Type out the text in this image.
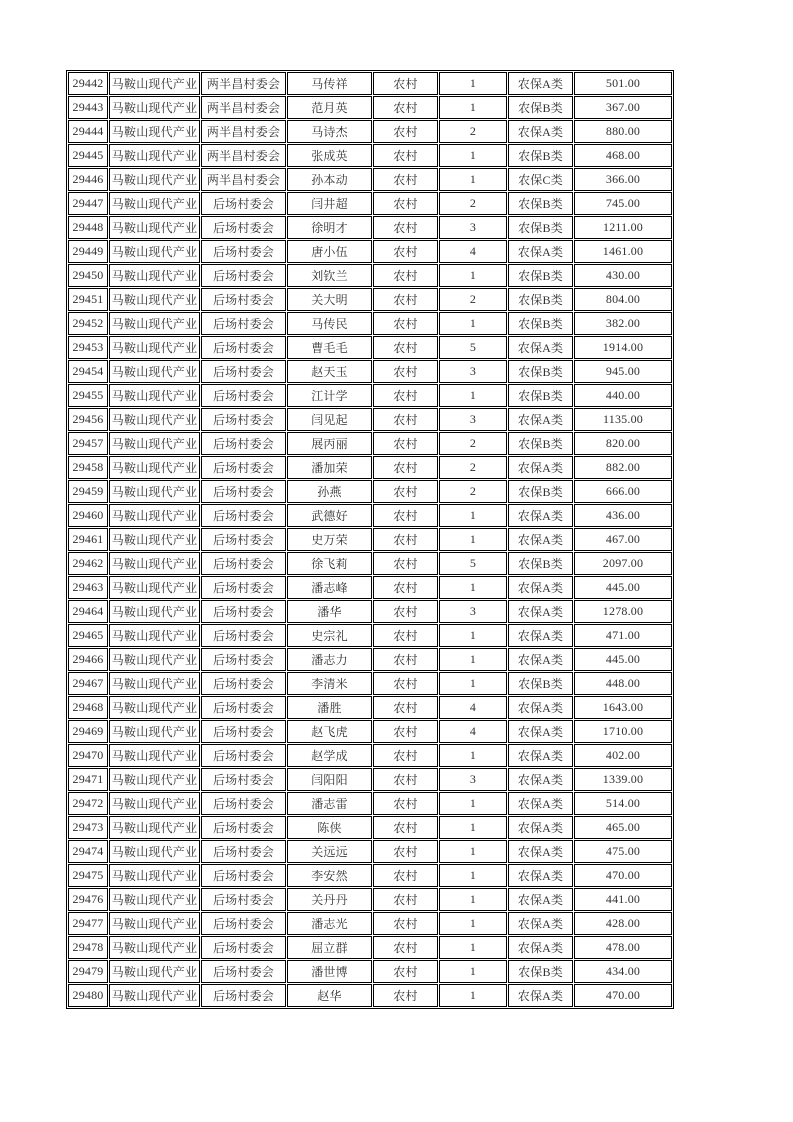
29442	马鞍山现代产业	两半昌村委会	马传祥	农村	1	农保A类	501.00
29443	马鞍山现代产业	两半昌村委会	范月英	农村	1	农保B类	367.00
29444	马鞍山现代产业	两半昌村委会	马诗杰	农村	2	农保A类	880.00
29445	马鞍山现代产业	两半昌村委会	张成英	农村	1	农保B类	468.00
29446	马鞍山现代产业	两半昌村委会	孙本动	农村	1	农保C类	366.00
29447	马鞍山现代产业	后场村委会	闫井超	农村	2	农保B类	745.00
29448	马鞍山现代产业	后场村委会	徐明才	农村	3	农保B类	1211.00
29449	马鞍山现代产业	后场村委会	唐小伍	农村	4	农保A类	1461.00
29450	马鞍山现代产业	后场村委会	刘钦兰	农村	1	农保B类	430.00
29451	马鞍山现代产业	后场村委会	关大明	农村	2	农保B类	804.00
29452	马鞍山现代产业	后场村委会	马传民	农村	1	农保B类	382.00
29453	马鞍山现代产业	后场村委会	曹毛毛	农村	5	农保A类	1914.00
29454	马鞍山现代产业	后场村委会	赵天玉	农村	3	农保B类	945.00
29455	马鞍山现代产业	后场村委会	江计学	农村	1	农保B类	440.00
29456	马鞍山现代产业	后场村委会	闫见起	农村	3	农保A类	1135.00
29457	马鞍山现代产业	后场村委会	展丙丽	农村	2	农保B类	820.00
29458	马鞍山现代产业	后场村委会	潘加荣	农村	2	农保A类	882.00
29459	马鞍山现代产业	后场村委会	孙燕	农村	2	农保B类	666.00
29460	马鞍山现代产业	后场村委会	武德好	农村	1	农保A类	436.00
29461	马鞍山现代产业	后场村委会	史万荣	农村	1	农保A类	467.00
29462	马鞍山现代产业	后场村委会	徐飞莉	农村	5	农保B类	2097.00
29463	马鞍山现代产业	后场村委会	潘志峰	农村	1	农保A类	445.00
29464	马鞍山现代产业	后场村委会	潘华	农村	3	农保A类	1278.00
29465	马鞍山现代产业	后场村委会	史宗礼	农村	1	农保A类	471.00
29466	马鞍山现代产业	后场村委会	潘志力	农村	1	农保A类	445.00
29467	马鞍山现代产业	后场村委会	李清米	农村	1	农保B类	448.00
29468	马鞍山现代产业	后场村委会	潘胜	农村	4	农保A类	1643.00
29469	马鞍山现代产业	后场村委会	赵飞虎	农村	4	农保A类	1710.00
29470	马鞍山现代产业	后场村委会	赵学成	农村	1	农保A类	402.00
29471	马鞍山现代产业	后场村委会	闫阳阳	农村	3	农保A类	1339.00
29472	马鞍山现代产业	后场村委会	潘志雷	农村	1	农保A类	514.00
29473	马鞍山现代产业	后场村委会	陈侠	农村	1	农保A类	465.00
29474	马鞍山现代产业	后场村委会	关远远	农村	1	农保A类	475.00
29475	马鞍山现代产业	后场村委会	李安然	农村	1	农保A类	470.00
29476	马鞍山现代产业	后场村委会	关丹丹	农村	1	农保A类	441.00
29477	马鞍山现代产业	后场村委会	潘志光	农村	1	农保A类	428.00
29478	马鞍山现代产业	后场村委会	屈立群	农村	1	农保A类	478.00
29479	马鞍山现代产业	后场村委会	潘世博	农村	1	农保B类	434.00
29480	马鞍山现代产业	后场村委会	赵华	农村	1	农保A类	470.00
